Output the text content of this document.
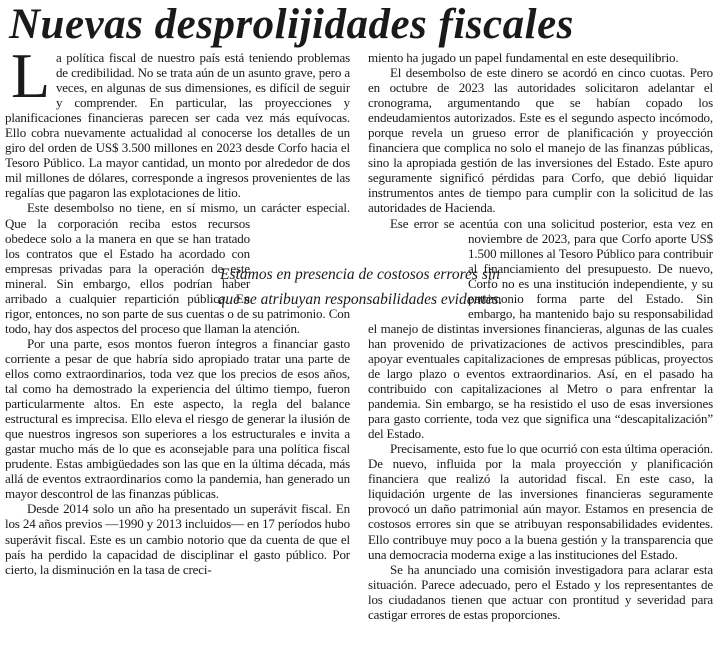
Nuevas desprolijidades fiscales

La política fiscal de nuestro país está teniendo problemas de credibilidad. No se trata aún de un asunto grave, pero a veces, en algunas de sus dimensiones, es difícil de seguir y comprender. En particular, las proyecciones y planificaciones financieras parecen ser cada vez más equívocas. Ello cobra nuevamente actualidad al conocerse los detalles de un giro del orden de US$ 3.500 millones en 2023 desde Corfo hacia el Tesoro Público. La mayor cantidad, un monto por alrededor de dos mil millones de dólares, corresponde a ingresos provenientes de las regalías que pagaron las explotaciones de litio.

Este desembolso no tiene, en sí mismo, un carácter especial. Que la corporación reciba estos recursos obedece solo a la manera en que se han tratado los contratos que el Estado ha acordado con empresas privadas para la operación de este mineral. Sin embargo, ellos podrían haber arribado a cualquier repartición pública. En rigor, entonces, no son parte de sus cuentas o de su patrimonio. Con todo, hay dos aspectos del proceso que llaman la atención.

Por una parte, esos montos fueron íntegros a financiar gasto corriente a pesar de que habría sido apropiado tratar una parte de ellos como extraordinarios, toda vez que los precios de esos años, tal como ha demostrado la experiencia del último tiempo, fueron particularmente altos. En este aspecto, la regla del balance estructural es imprecisa. Ello eleva el riesgo de generar la ilusión de que nuestros ingresos son superiores a los estructurales e invita a gastar mucho más de lo que es aconsejable para una política fiscal prudente. Estas ambigüedades son las que en la última década, más allá de eventos extraordinarios como la pandemia, han generado un mayor descontrol de las finanzas públicas.

Desde 2014 solo un año ha presentado un superávit fiscal. En los 24 años previos —1990 y 2013 incluidos— en 17 períodos hubo superávit fiscal. Este es un cambio notorio que da cuenta de que el país ha perdido la capacidad de disciplinar el gasto público. Por cierto, la disminución en la tasa de creci-

miento ha jugado un papel fundamental en este desequilibrio.

El desembolso de este dinero se acordó en cinco cuotas. Pero en octubre de 2023 las autoridades solicitaron adelantar el cronograma, argumentando que se habían copado los endeudamientos autorizados. Este es el segundo aspecto incómodo, porque revela un grueso error de planificación y proyección financiera que complica no solo el manejo de las finanzas públicas, sino la apropiada gestión de las inversiones del Estado. Este apuro seguramente significó pérdidas para Corfo, que debió liquidar instrumentos antes de tiempo para cumplir con la solicitud de las autoridades de Hacienda.

Ese error se acentúa con una solicitud posterior, esta vez en noviembre de 2023, para que Corfo aporte US$ 1.500 millones al Tesoro Público para contribuir al financiamiento del presupuesto. De nuevo, Corfo no es una institución independiente, y su patrimonio forma parte del Estado. Sin embargo, ha mantenido bajo su responsabilidad el manejo de distintas inversiones financieras, algunas de las cuales han provenido de privatizaciones de activos prescindibles, para apoyar eventuales capitalizaciones de empresas públicas, proyectos de largo plazo o eventos extraordinarios. Así, en el pasado ha contribuido con capitalizaciones al Metro o para enfrentar la pandemia. Sin embargo, se ha resistido el uso de esas inversiones para gasto corriente, toda vez que significa una “descapitalización” del Estado.

Precisamente, esto fue lo que ocurrió con esta última operación. De nuevo, influida por la mala proyección y planificación financiera que realizó la autoridad fiscal. En este caso, la liquidación urgente de las inversiones financieras seguramente provocó un daño patrimonial aún mayor. Estamos en presencia de costosos errores sin que se atribuyan responsabilidades evidentes. Ello contribuye muy poco a la buena gestión y la transparencia que una democracia moderna exige a las instituciones del Estado.

Se ha anunciado una comisión investigadora para aclarar esta situación. Parece adecuado, pero el Estado y los representantes de los ciudadanos tienen que actuar con prontitud y severidad para castigar errores de estas proporciones.

Estamos en presencia de costosos errores sin
que se atribuyan responsabilidades evidentes.
